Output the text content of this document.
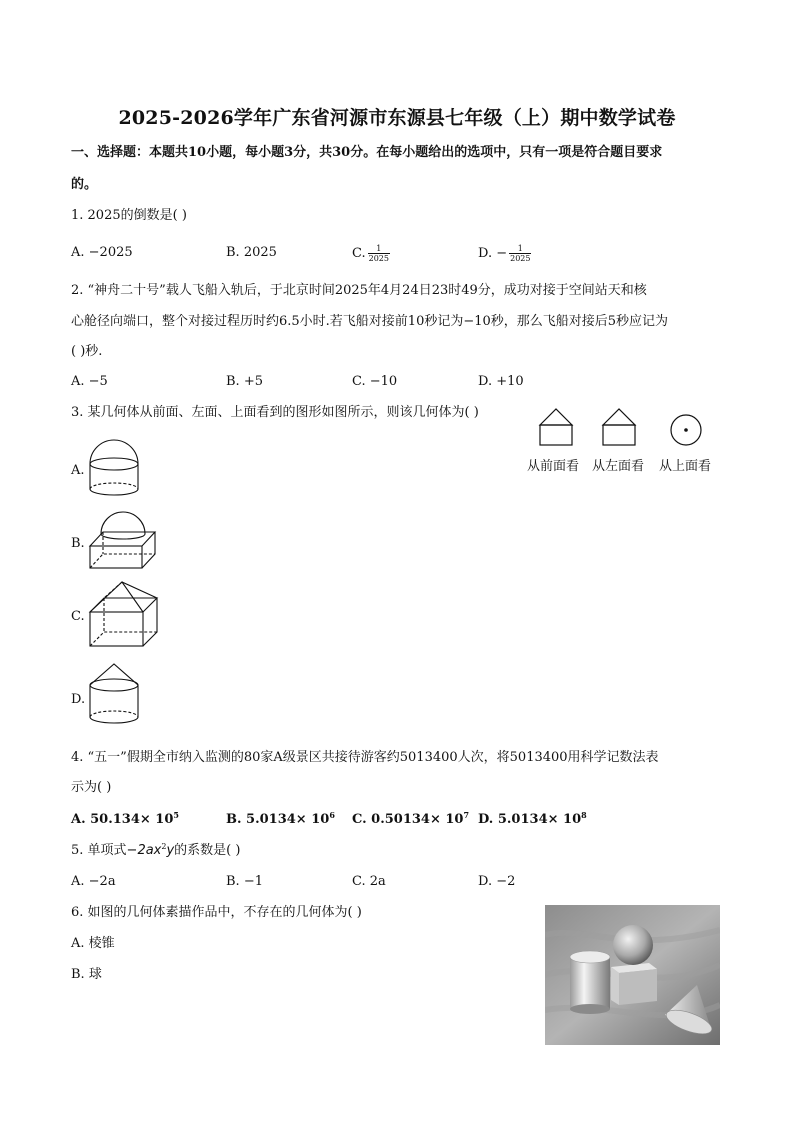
2025-2026学年广东省河源市东源县七年级（上）期中数学试卷
一、选择题：本题共10小题，每小题3分，共30分。在每小题给出的选项中，只有一项是符合题目要求
的。
1. 2025的倒数是( )
A. −2025	B. 2025	C. $\frac{1}{2025}$	D. − $\frac{1}{2025}$
2. “神舟二十号”载人飞船入轨后，于北京时间2025年4月24日23时49分，成功对接于空间站天和核
心舱径向端口，整个对接过程历时约6.5小时.若飞船对接前10秒记为−10秒，那么飞船对接后5秒应记为
( )秒.
A. −5	B. +5	C. −10	D. +10
3. 某几何体从前面、左面、上面看到的图形如图所示，则该几何体为( )
从前面看 从左面看 从上面看
A.
B.
C.
D.
4. “五一”假期全市纳入监测的80家A级景区共接待游客约5013400人次，将5013400用科学记数法表
示为( )
A. $50.134\times 10^5$	B. $5.0134\times 10^6$ C. $0.50134\times 10^7$ D. $5.0134\times 10^8$
5. 单项式$-2ax^2y$的系数是( )
A. −2a	B. −1	C. 2a	D. −2
6. 如图的几何体素描作品中，不存在的几何体为( )
A. 棱锥
B. 球
